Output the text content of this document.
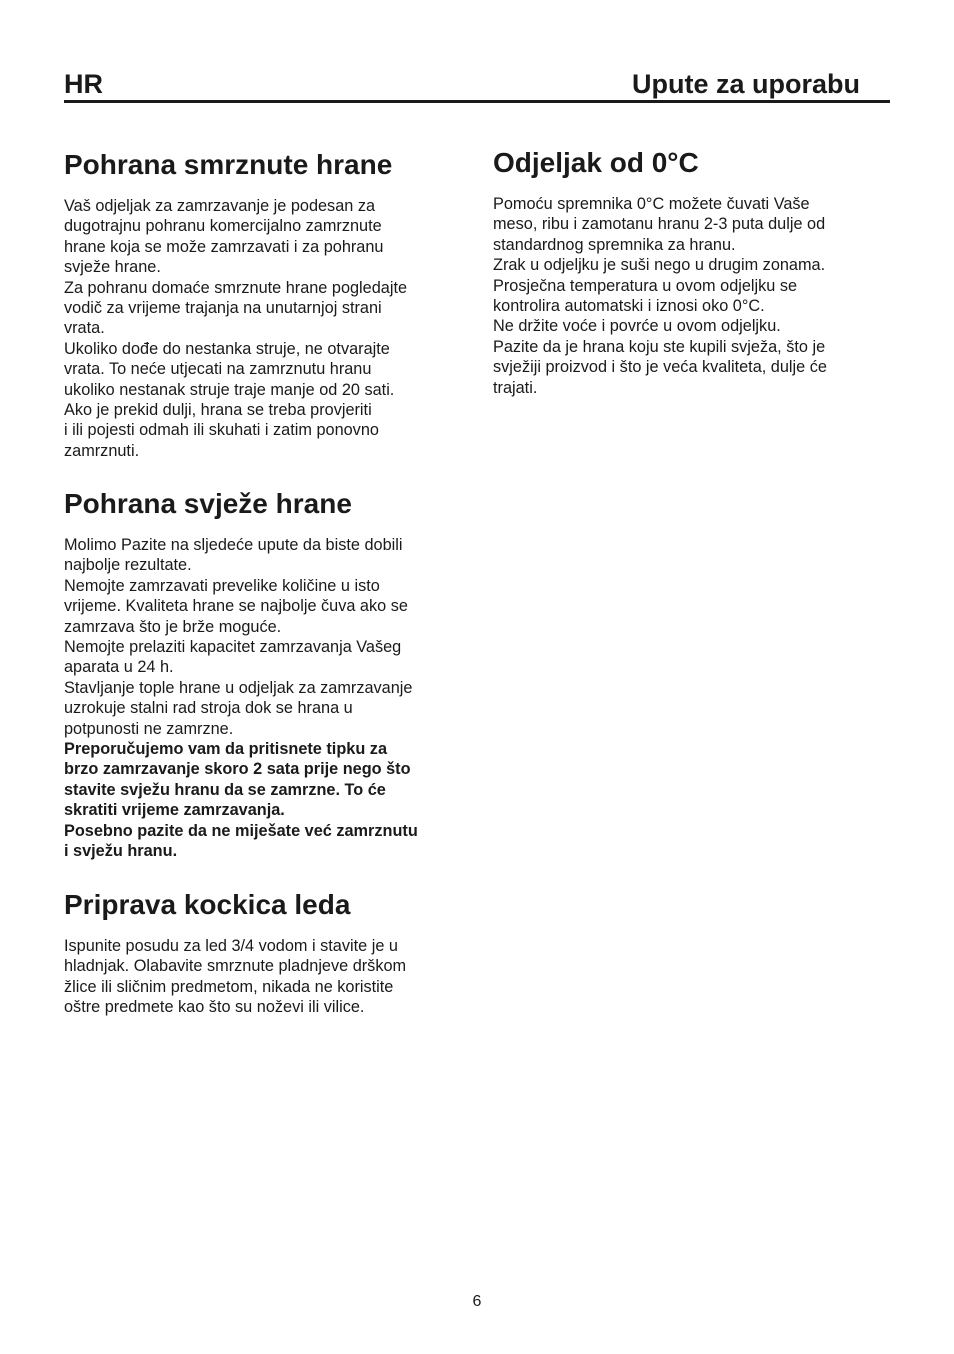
HR	Upute za uporabu
Pohrana smrznute hrane

Vaš odjeljak za zamrzavanje je podesan za
dugotrajnu pohranu komercijalno zamrznute
hrane koja se može zamrzavati i za pohranu
svježe hrane.

Za pohranu domaće smrznute hrane pogledajte
vodič za vrijeme trajanja na unutarnjoj strani
vrata.

Ukoliko dođe do nestanka struje, ne otvarajte
vrata. To neće utjecati na zamrznutu hranu
ukoliko nestanak struje traje manje od 20 sati.
Ako je prekid dulji, hrana se treba provjeriti
i ili pojesti odmah ili skuhati i zatim ponovno
zamrznuti.

Pohrana svježe hrane

Molimo Pazite na sljedeće upute da biste dobili
najbolje rezultate.

Nemojte zamrzavati prevelike količine u isto
vrijeme. Kvaliteta hrane se najbolje čuva ako se
zamrzava što je brže moguće.

Nemojte prelaziti kapacitet zamrzavanja Vašeg
aparata u 24 h.

Stavljanje tople hrane u odjeljak za zamrzavanje
uzrokuje stalni rad stroja dok se hrana u
potpunosti ne zamrzne.

Preporučujemo vam da pritisnete tipku za
brzo zamrzavanje skoro 2 sata prije nego što
stavite svježu hranu da se zamrzne. To će
skratiti vrijeme zamrzavanja.

Posebno pazite da ne miješate već zamrznutu
i svježu hranu.

Priprava kockica leda

Ispunite posudu za led 3/4 vodom i stavite je u
hladnjak. Olabavite smrznute pladnjeve drškom
žlice ili sličnim predmetom, nikada ne koristite
oštre predmete kao što su noževi ili vilice.

Odjeljak od 0°C

Pomoću spremnika 0°C možete čuvati Vaše
meso, ribu i zamotanu hranu 2-3 puta dulje od
standardnog spremnika za hranu.

Zrak u odjeljku je suši nego u drugim zonama.
Prosječna temperatura u ovom odjeljku se
kontrolira automatski i iznosi oko 0°C.

Ne držite voće i povrće u ovom odjeljku.

Pazite da je hrana koju ste kupili svježa, što je
svježiji proizvod i što je veća kvaliteta, dulje će
trajati.

6
